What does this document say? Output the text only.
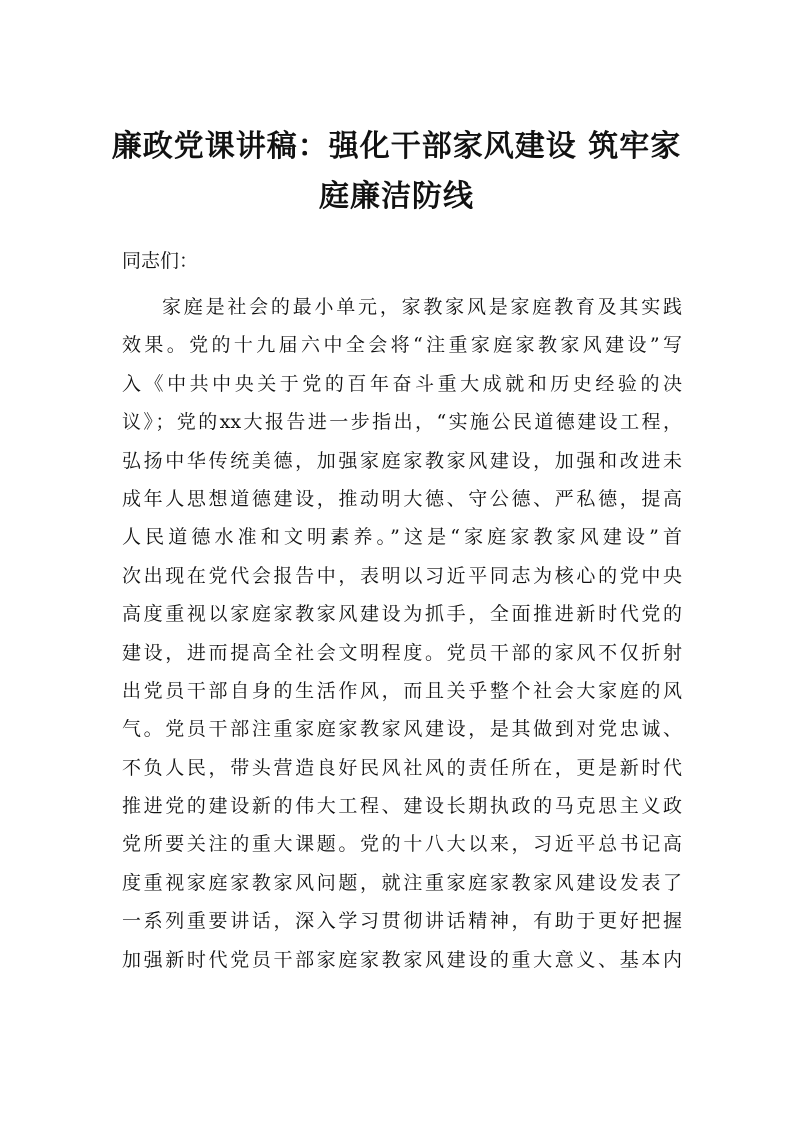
廉政党课讲稿：强化干部家风建设 筑牢家
庭廉洁防线

同志们：

家庭是社会的最小单元，家教家风是家庭教育及其实践
效果。党的十九届六中全会将“注重家庭家教家风建设”写
入《中共中央关于党的百年奋斗重大成就和历史经验的决
议》；党的xx大报告进一步指出，“实施公民道德建设工程，
弘扬中华传统美德，加强家庭家教家风建设，加强和改进未
成年人思想道德建设，推动明大德、守公德、严私德，提高
人民道德水准和文明素养。”这是“家庭家教家风建设”首
次出现在党代会报告中，表明以习近平同志为核心的党中央
高度重视以家庭家教家风建设为抓手，全面推进新时代党的
建设，进而提高全社会文明程度。党员干部的家风不仅折射
出党员干部自身的生活作风，而且关乎整个社会大家庭的风
气。党员干部注重家庭家教家风建设，是其做到对党忠诚、
不负人民，带头营造良好民风社风的责任所在，更是新时代
推进党的建设新的伟大工程、建设长期执政的马克思主义政
党所要关注的重大课题。党的十八大以来，习近平总书记高
度重视家庭家教家风问题，就注重家庭家教家风建设发表了
一系列重要讲话，深入学习贯彻讲话精神，有助于更好把握
加强新时代党员干部家庭家教家风建设的重大意义、基本内
